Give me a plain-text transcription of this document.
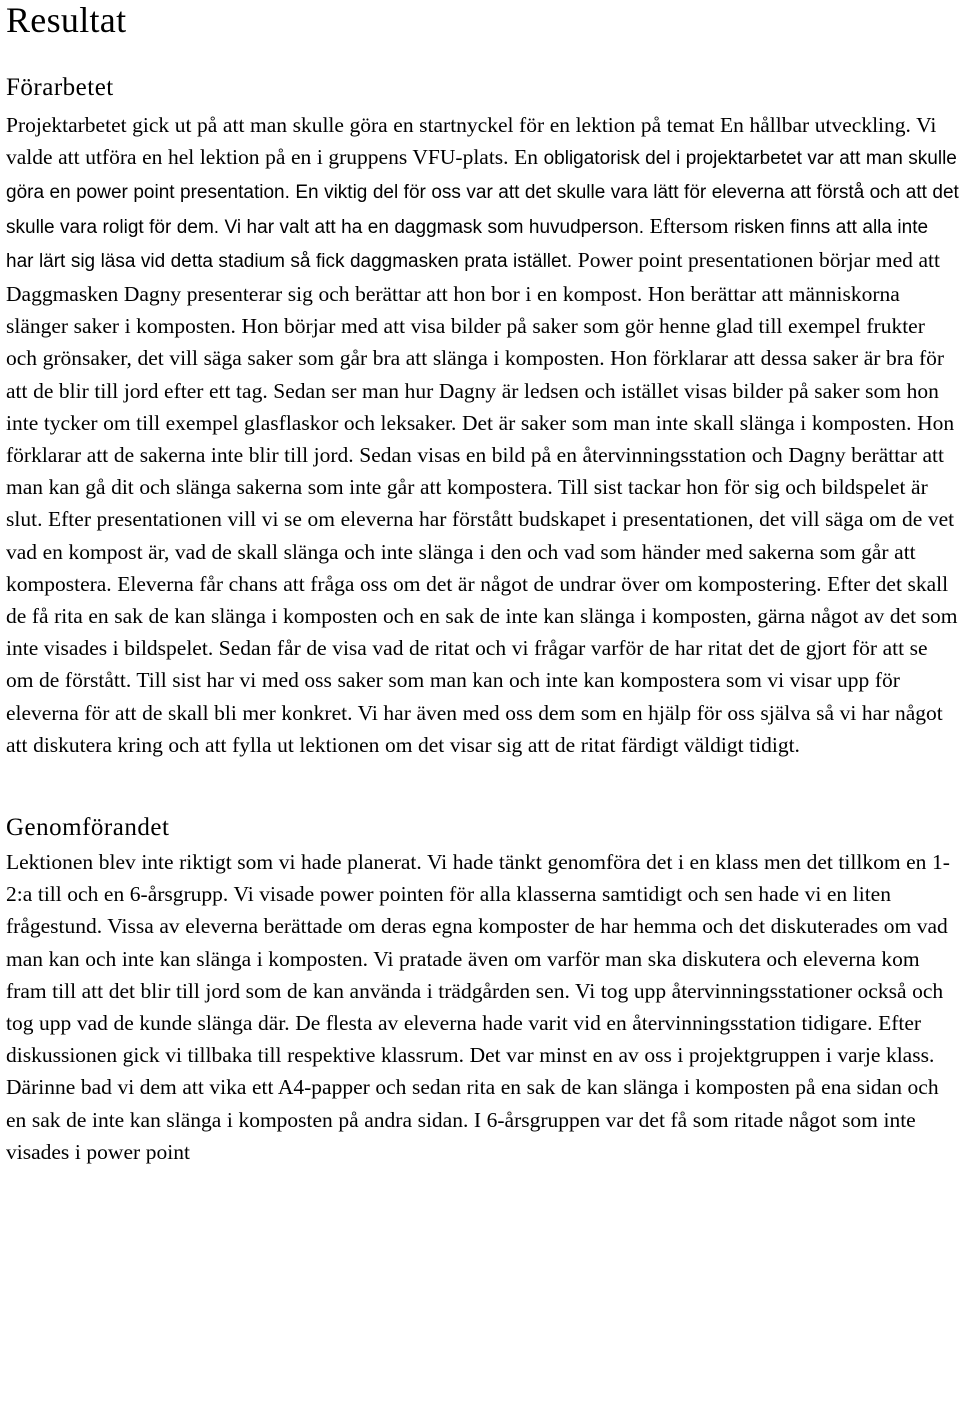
Resultat
Förarbetet

Projektarbetet gick ut på att man skulle göra en startnyckel för en lektion på temat En hållbar utveckling. Vi valde att utföra en hel lektion på en i gruppens VFU-plats. En obligatorisk del i projektarbetet var att man skulle göra en power point presentation. En viktig del för oss var att det skulle vara lätt för eleverna att förstå och att det skulle vara roligt för dem. Vi har valt att ha en daggmask som huvudperson. Eftersom risken finns att alla inte har lärt sig läsa vid detta stadium så fick daggmasken prata istället. Power point presentationen börjar med att Daggmasken Dagny presenterar sig och berättar att hon bor i en kompost. Hon berättar att människorna slänger saker i komposten. Hon börjar med att visa bilder på saker som gör henne glad till exempel frukter och grönsaker, det vill säga saker som går bra att slänga i komposten. Hon förklarar att dessa saker är bra för att de blir till jord efter ett tag. Sedan ser man hur Dagny är ledsen och istället visas bilder på saker som hon inte tycker om till exempel glasflaskor och leksaker. Det är saker som man inte skall slänga i komposten. Hon förklarar att de sakerna inte blir till jord. Sedan visas en bild på en återvinningsstation och Dagny berättar att man kan gå dit och slänga sakerna som inte går att kompostera. Till sist tackar hon för sig och bildspelet är slut. Efter presentationen vill vi se om eleverna har förstått budskapet i presentationen, det vill säga om de vet vad en kompost är, vad de skall slänga och inte slänga i den och vad som händer med sakerna som går att kompostera. Eleverna får chans att fråga oss om det är något de undrar över om kompostering. Efter det skall de få rita en sak de kan slänga i komposten och en sak de inte kan slänga i komposten, gärna något av det som inte visades i bildspelet. Sedan får de visa vad de ritat och vi frågar varför de har ritat det de gjort för att se om de förstått. Till sist har vi med oss saker som man kan och inte kan kompostera som vi visar upp för eleverna för att de skall bli mer konkret. Vi har även med oss dem som en hjälp för oss själva så vi har något att diskutera kring och att fylla ut lektionen om det visar sig att de ritat färdigt väldigt tidigt.

Genomförandet

Lektionen blev inte riktigt som vi hade planerat. Vi hade tänkt genomföra det i en klass men det tillkom en 1-2:a till och en 6-årsgrupp. Vi visade power pointen för alla klasserna samtidigt och sen hade vi en liten frågestund. Vissa av eleverna berättade om deras egna komposter de har hemma och det diskuterades om vad man kan och inte kan slänga i komposten. Vi pratade även om varför man ska diskutera och eleverna kom fram till att det blir till jord som de kan använda i trädgården sen. Vi tog upp återvinningsstationer också och tog upp vad de kunde slänga där. De flesta av eleverna hade varit vid en återvinningsstation tidigare. Efter diskussionen gick vi tillbaka till respektive klassrum. Det var minst en av oss i projektgruppen i varje klass. Därinne bad vi dem att vika ett A4-papper och sedan rita en sak de kan slänga i komposten på ena sidan och en sak de inte kan slänga i komposten på andra sidan. I 6-årsgruppen var det få som ritade något som inte visades i power point
